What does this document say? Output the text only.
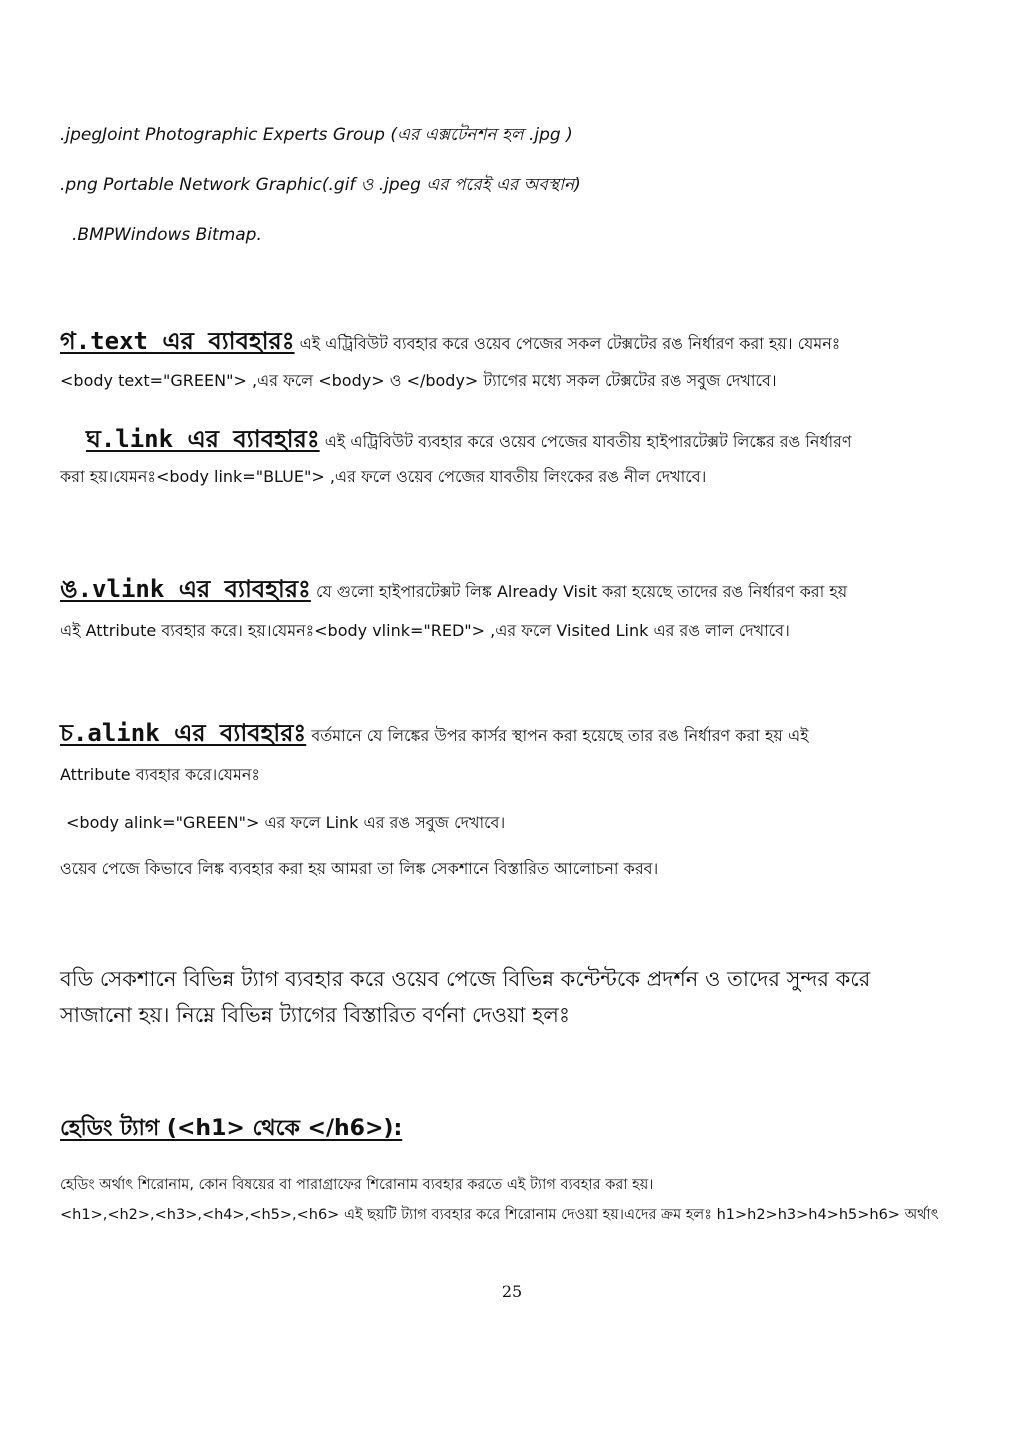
.jpegJoint Photographic Experts Group (এর এক্সটেনশন হল .jpg )
.png Portable Network Graphic(.gif ও .jpeg এর পরেই এর অবস্থান)
.BMPWindows Bitmap.
গ.text এর ব্যাবহারঃ এই এট্রিবিউট ব্যবহার করে ওয়েব পেজের সকল টেক্সটের রঙ নির্ধারণ করা হয়। যেমনঃ
<body text="GREEN"> ,এর ফলে <body> ও </body> ট্যাগের মধ্যে সকল টেক্সটের রঙ সবুজ দেখাবে।
ঘ.link এর ব্যাবহারঃ এই এট্রিবিউট ব্যবহার করে ওয়েব পেজের যাবতীয় হাইপারটেক্সট লিঙ্কের রঙ নির্ধারণ
করা হয়।যেমনঃ<body link="BLUE"> ,এর ফলে ওয়েব পেজের যাবতীয় লিংকের রঙ নীল দেখাবে।
ঙ.vlink এর ব্যাবহারঃ যে গুলো হাইপারটেক্সট লিঙ্ক Already Visit করা হয়েছে তাদের রঙ নির্ধারণ করা হয়
এই Attribute ব্যবহার করে। হয়।যেমনঃ<body vlink="RED"> ,এর ফলে Visited Link এর রঙ লাল দেখাবে।
চ.alink এর ব্যাবহারঃ বর্তমানে যে লিঙ্কের উপর কার্সর স্থাপন করা হয়েছে তার রঙ নির্ধারণ করা হয় এই
Attribute ব্যবহার করে।যেমনঃ
<body alink="GREEN"> এর ফলে Link এর রঙ সবুজ দেখাবে।
ওয়েব পেজে কিভাবে লিঙ্ক ব্যবহার করা হয় আমরা তা লিঙ্ক সেকশানে বিস্তারিত আলোচনা করব।
বডি সেকশানে বিভিন্ন ট্যাগ ব্যবহার করে ওয়েব পেজে বিভিন্ন কন্টেন্টকে প্রদর্শন ও তাদের সুন্দর করে
সাজানো হয়। নিম্নে বিভিন্ন ট্যাগের বিস্তারিত বর্ণনা দেওয়া হলঃ
হেডিং ট্যাগ (<h1> থেকে </h6>):
হেডিং অর্থাৎ শিরোনাম, কোন বিষয়ের বা পারাগ্রাফের শিরোনাম ব্যবহার করতে এই ট্যাগ ব্যবহার করা হয়।
<h1>,<h2>,<h3>,<h4>,<h5>,<h6> এই ছয়টি ট্যাগ ব্যবহার করে শিরোনাম দেওয়া হয়।এদের ক্রম হলঃ h1>h2>h3>h4>h5>h6> অর্থাৎ
25
